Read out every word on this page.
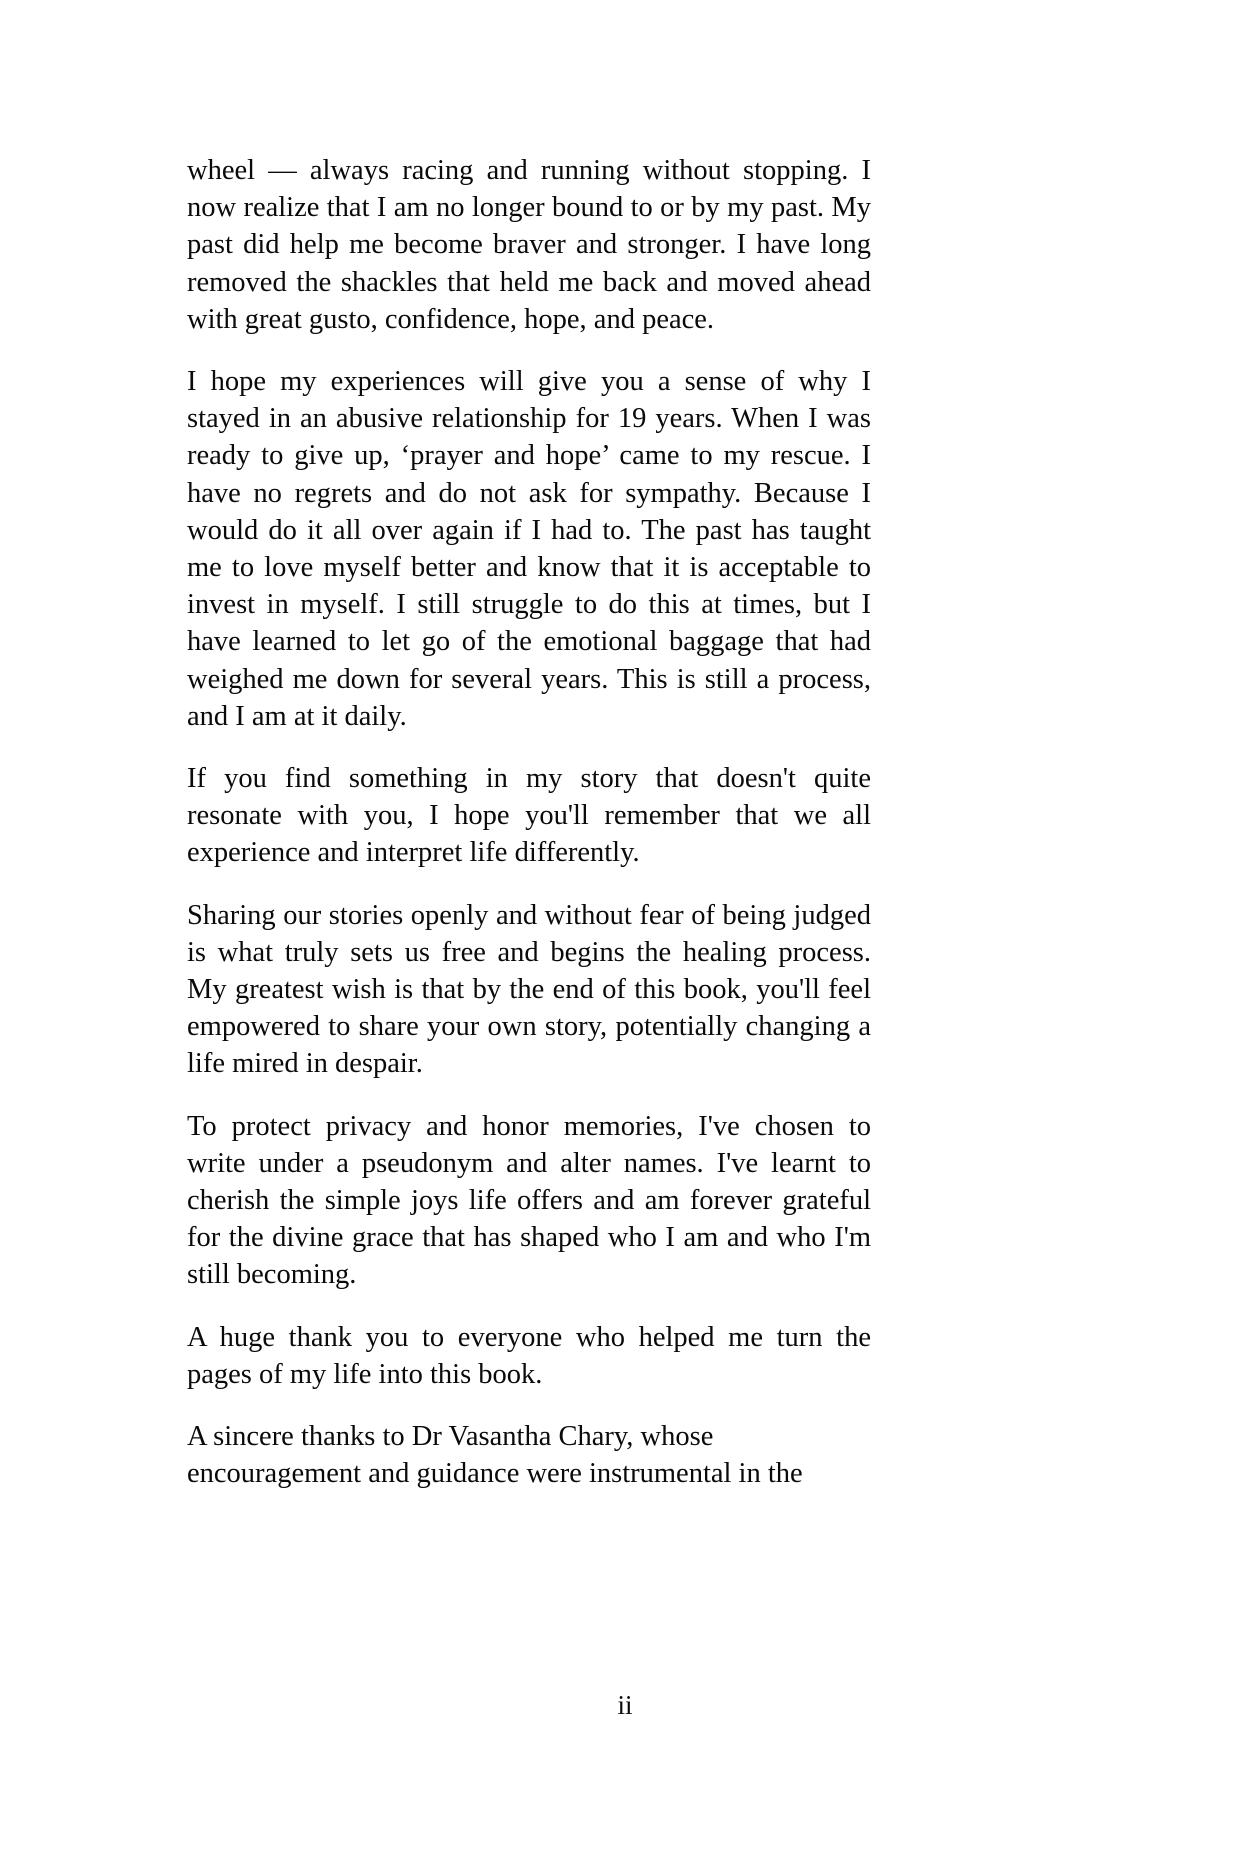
wheel — always racing and running without stopping. I now realize that I am no longer bound to or by my past. My past did help me become braver and stronger. I have long removed the shackles that held me back and moved ahead with great gusto, confidence, hope, and peace.

I hope my experiences will give you a sense of why I stayed in an abusive relationship for 19 years. When I was ready to give up, ‘prayer and hope’ came to my rescue. I have no regrets and do not ask for sympathy. Because I would do it all over again if I had to. The past has taught me to love myself better and know that it is acceptable to invest in myself. I still struggle to do this at times, but I have learned to let go of the emotional baggage that had weighed me down for several years. This is still a process, and I am at it daily.

If you find something in my story that doesn't quite resonate with you, I hope you'll remember that we all experience and interpret life differently.

Sharing our stories openly and without fear of being judged is what truly sets us free and begins the healing process. My greatest wish is that by the end of this book, you'll feel empowered to share your own story, potentially changing a life mired in despair.

To protect privacy and honor memories, I've chosen to write under a pseudonym and alter names. I've learnt to cherish the simple joys life offers and am forever grateful for the divine grace that has shaped who I am and who I'm still becoming.

A huge thank you to everyone who helped me turn the pages of my life into this book.

A sincere thanks to Dr Vasantha Chary, whose encouragement and guidance were instrumental in the

ii
